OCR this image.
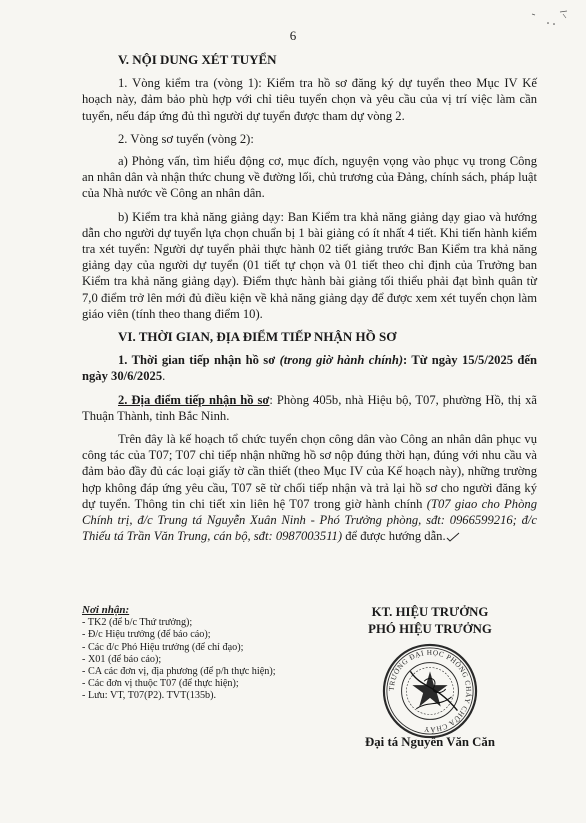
6
V. NỘI DUNG XÉT TUYỂN

1. Vòng kiểm tra (vòng 1): Kiểm tra hồ sơ đăng ký dự tuyển theo Mục IV Kế hoạch này, đảm bảo phù hợp với chỉ tiêu tuyển chọn và yêu cầu của vị trí việc làm cần tuyển, nếu đáp ứng đủ thì người dự tuyển được tham dự vòng 2.

2. Vòng sơ tuyển (vòng 2):

a) Phỏng vấn, tìm hiểu động cơ, mục đích, nguyện vọng vào phục vụ trong Công an nhân dân và nhận thức chung về đường lối, chủ trương của Đảng, chính sách, pháp luật của Nhà nước về Công an nhân dân.

b) Kiểm tra khả năng giảng dạy: Ban Kiểm tra khả năng giảng dạy giao và hướng dẫn cho người dự tuyển lựa chọn chuẩn bị 1 bài giảng có ít nhất 4 tiết. Khi tiến hành kiểm tra xét tuyển: Người dự tuyển phải thực hành 02 tiết giảng trước Ban Kiểm tra khả năng giảng dạy của người dự tuyển (01 tiết tự chọn và 01 tiết theo chỉ định của Trưởng ban Kiểm tra khả năng giảng dạy). Điểm thực hành bài giảng tối thiểu phải đạt bình quân từ 7,0 điểm trở lên mới đủ điều kiện về khả năng giảng dạy để được xem xét tuyển chọn làm giáo viên (tính theo thang điểm 10).

VI. THỜI GIAN, ĐỊA ĐIỂM TIẾP NHẬN HỒ SƠ

1. Thời gian tiếp nhận hồ sơ (trong giờ hành chính): Từ ngày 15/5/2025 đến ngày 30/6/2025.

2. Địa điểm tiếp nhận hồ sơ: Phòng 405b, nhà Hiệu bộ, T07, phường Hồ, thị xã Thuận Thành, tỉnh Bắc Ninh.

Trên đây là kế hoạch tổ chức tuyển chọn công dân vào Công an nhân dân phục vụ công tác của T07; T07 chỉ tiếp nhận những hồ sơ nộp đúng thời hạn, đúng với nhu cầu và đảm bảo đầy đủ các loại giấy tờ cần thiết (theo Mục IV của Kế hoạch này), những trường hợp không đáp ứng yêu cầu, T07 sẽ từ chối tiếp nhận và trả lại hồ sơ cho người đăng ký dự tuyển. Thông tin chi tiết xin liên hệ T07 trong giờ hành chính (T07 giao cho Phòng Chính trị, đ/c Trung tá Nguyễn Xuân Ninh - Phó Trưởng phòng, sđt: 0966599216; đ/c Thiếu tá Trần Văn Trung, cán bộ, sđt: 0987003511) để được hướng dẫn.

Nơi nhận:
- TK2 (để b/c Thứ trưởng);
- Đ/c Hiệu trưởng (để báo cáo);
- Các đ/c Phó Hiệu trưởng (để chỉ đạo);
- X01 (để báo cáo);
- CA các đơn vị, địa phương (để p/h thực hiện);
- Các đơn vị thuộc T07 (để thực hiện);
- Lưu: VT, T07(P2). TVT(135b).
KT. HIỆU TRƯỞNG
PHÓ HIỆU TRƯỞNG
TRƯỜNG ĐẠI HỌC PHÒNG CHÁY CHỮA CHÁY
Đại tá Nguyễn Văn Căn
